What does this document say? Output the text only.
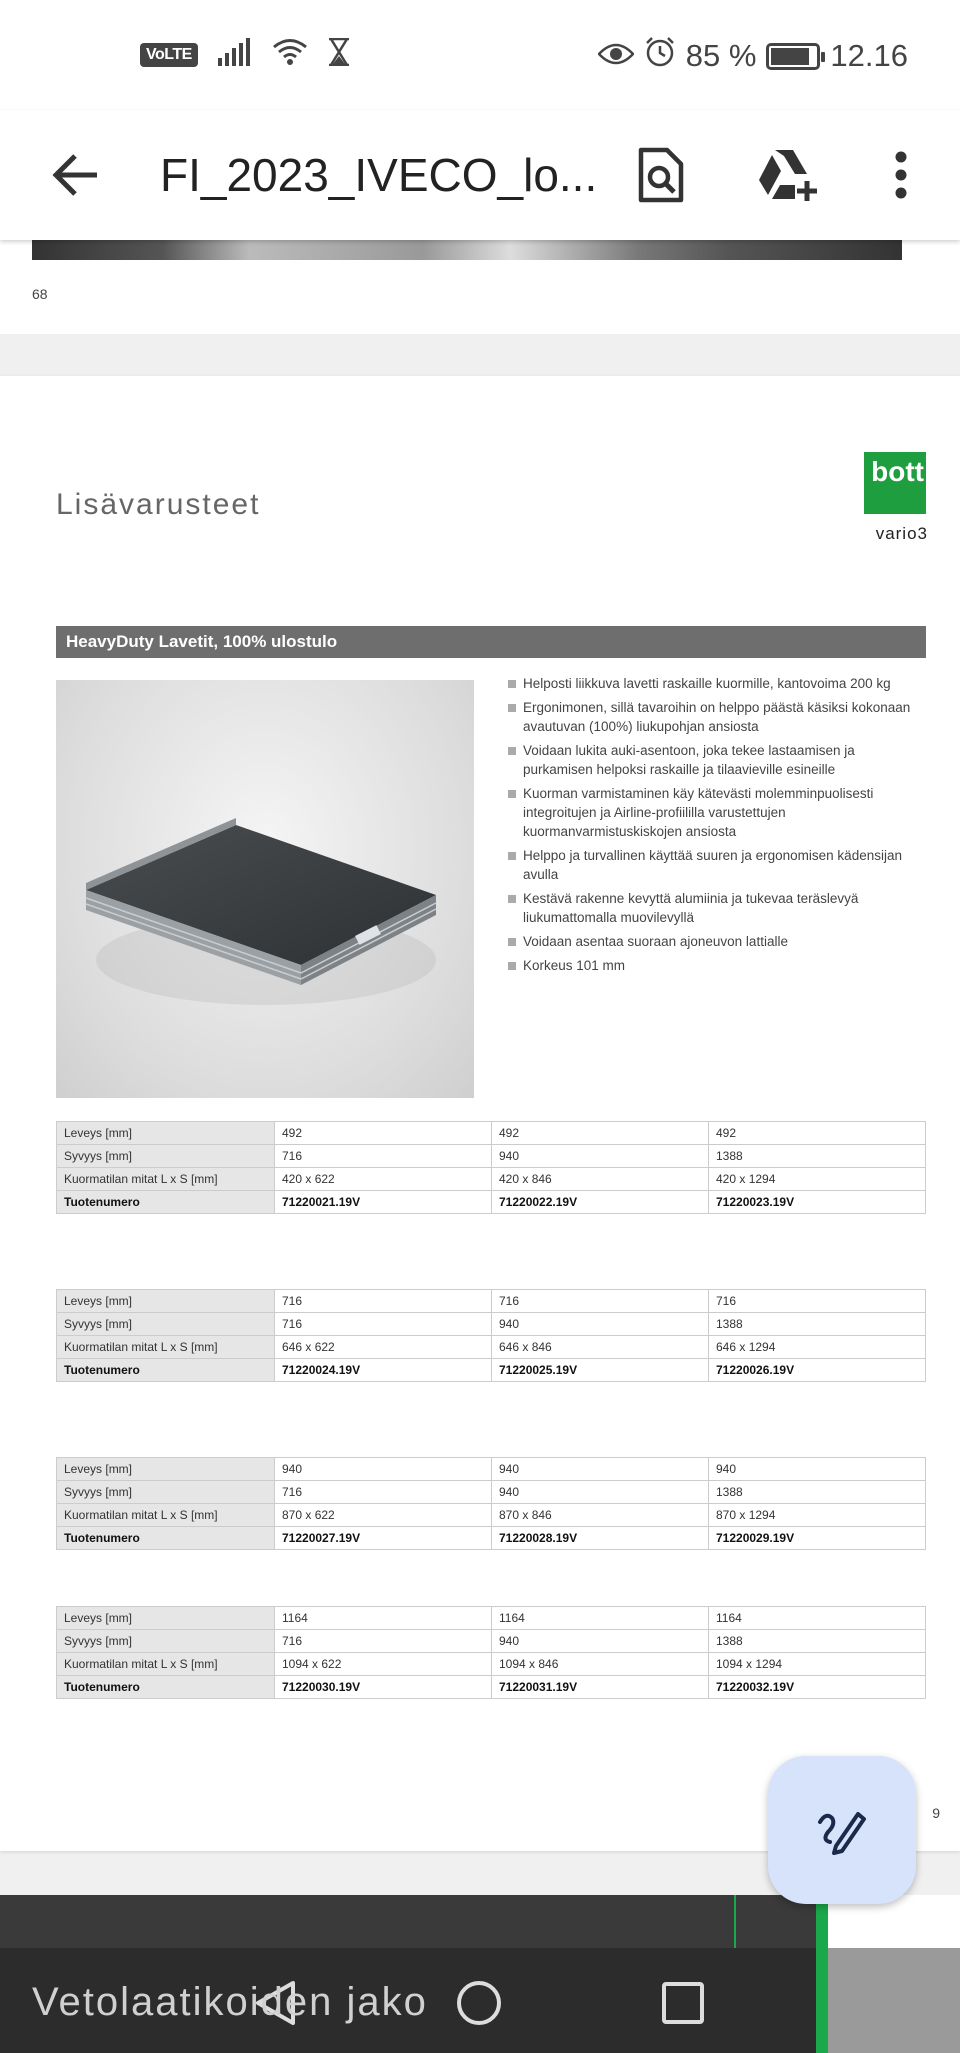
VoLTE	85 % 12.16
FI_2023_IVECO_lo...
68
Lisävarusteet
bott
vario3
HeavyDuty Lavetit, 100% ulostulo
Helposti liikkuva lavetti raskaille kuormille, kantovoima 200 kg
Ergonimonen, sillä tavaroihin on helppo päästä käsiksi kokonaan avautuvan (100%) liukupohjan ansiosta
Voidaan lukita auki-asentoon, joka tekee lastaamisen ja purkamisen helpoksi raskaille ja tilaavieville esineille
Kuorman varmistaminen käy kätevästi molemminpuolisesti integroitujen ja Airline-profiililla varustettujen kuormanvarmistuskiskojen ansiosta
Helppo ja turvallinen käyttää suuren ja ergonomisen kädensijan avulla
Kestävä rakenne kevyttä alumiinia ja tukevaa teräslevyä liukumattomalla muovilevyllä
Voidaan asentaa suoraan ajoneuvon lattialle
Korkeus 101 mm
Leveys [mm]	492	492	492
Syvyys [mm]	716	940	1388
Kuormatilan mitat L x S [mm]	420 x 622	420 x 846	420 x 1294
Tuotenumero	71220021.19V	71220022.19V	71220023.19V
Leveys [mm]	716	716	716
Syvyys [mm]	716	940	1388
Kuormatilan mitat L x S [mm]	646 x 622	646 x 846	646 x 1294
Tuotenumero	71220024.19V	71220025.19V	71220026.19V
Leveys [mm]	940	940	940
Syvyys [mm]	716	940	1388
Kuormatilan mitat L x S [mm]	870 x 622	870 x 846	870 x 1294
Tuotenumero	71220027.19V	71220028.19V	71220029.19V
Leveys [mm]	1164	1164	1164
Syvyys [mm]	716	940	1388
Kuormatilan mitat L x S [mm]	1094 x 622	1094 x 846	1094 x 1294
Tuotenumero	71220030.19V	71220031.19V	71220032.19V
9
Vetolaatikoiden jako
